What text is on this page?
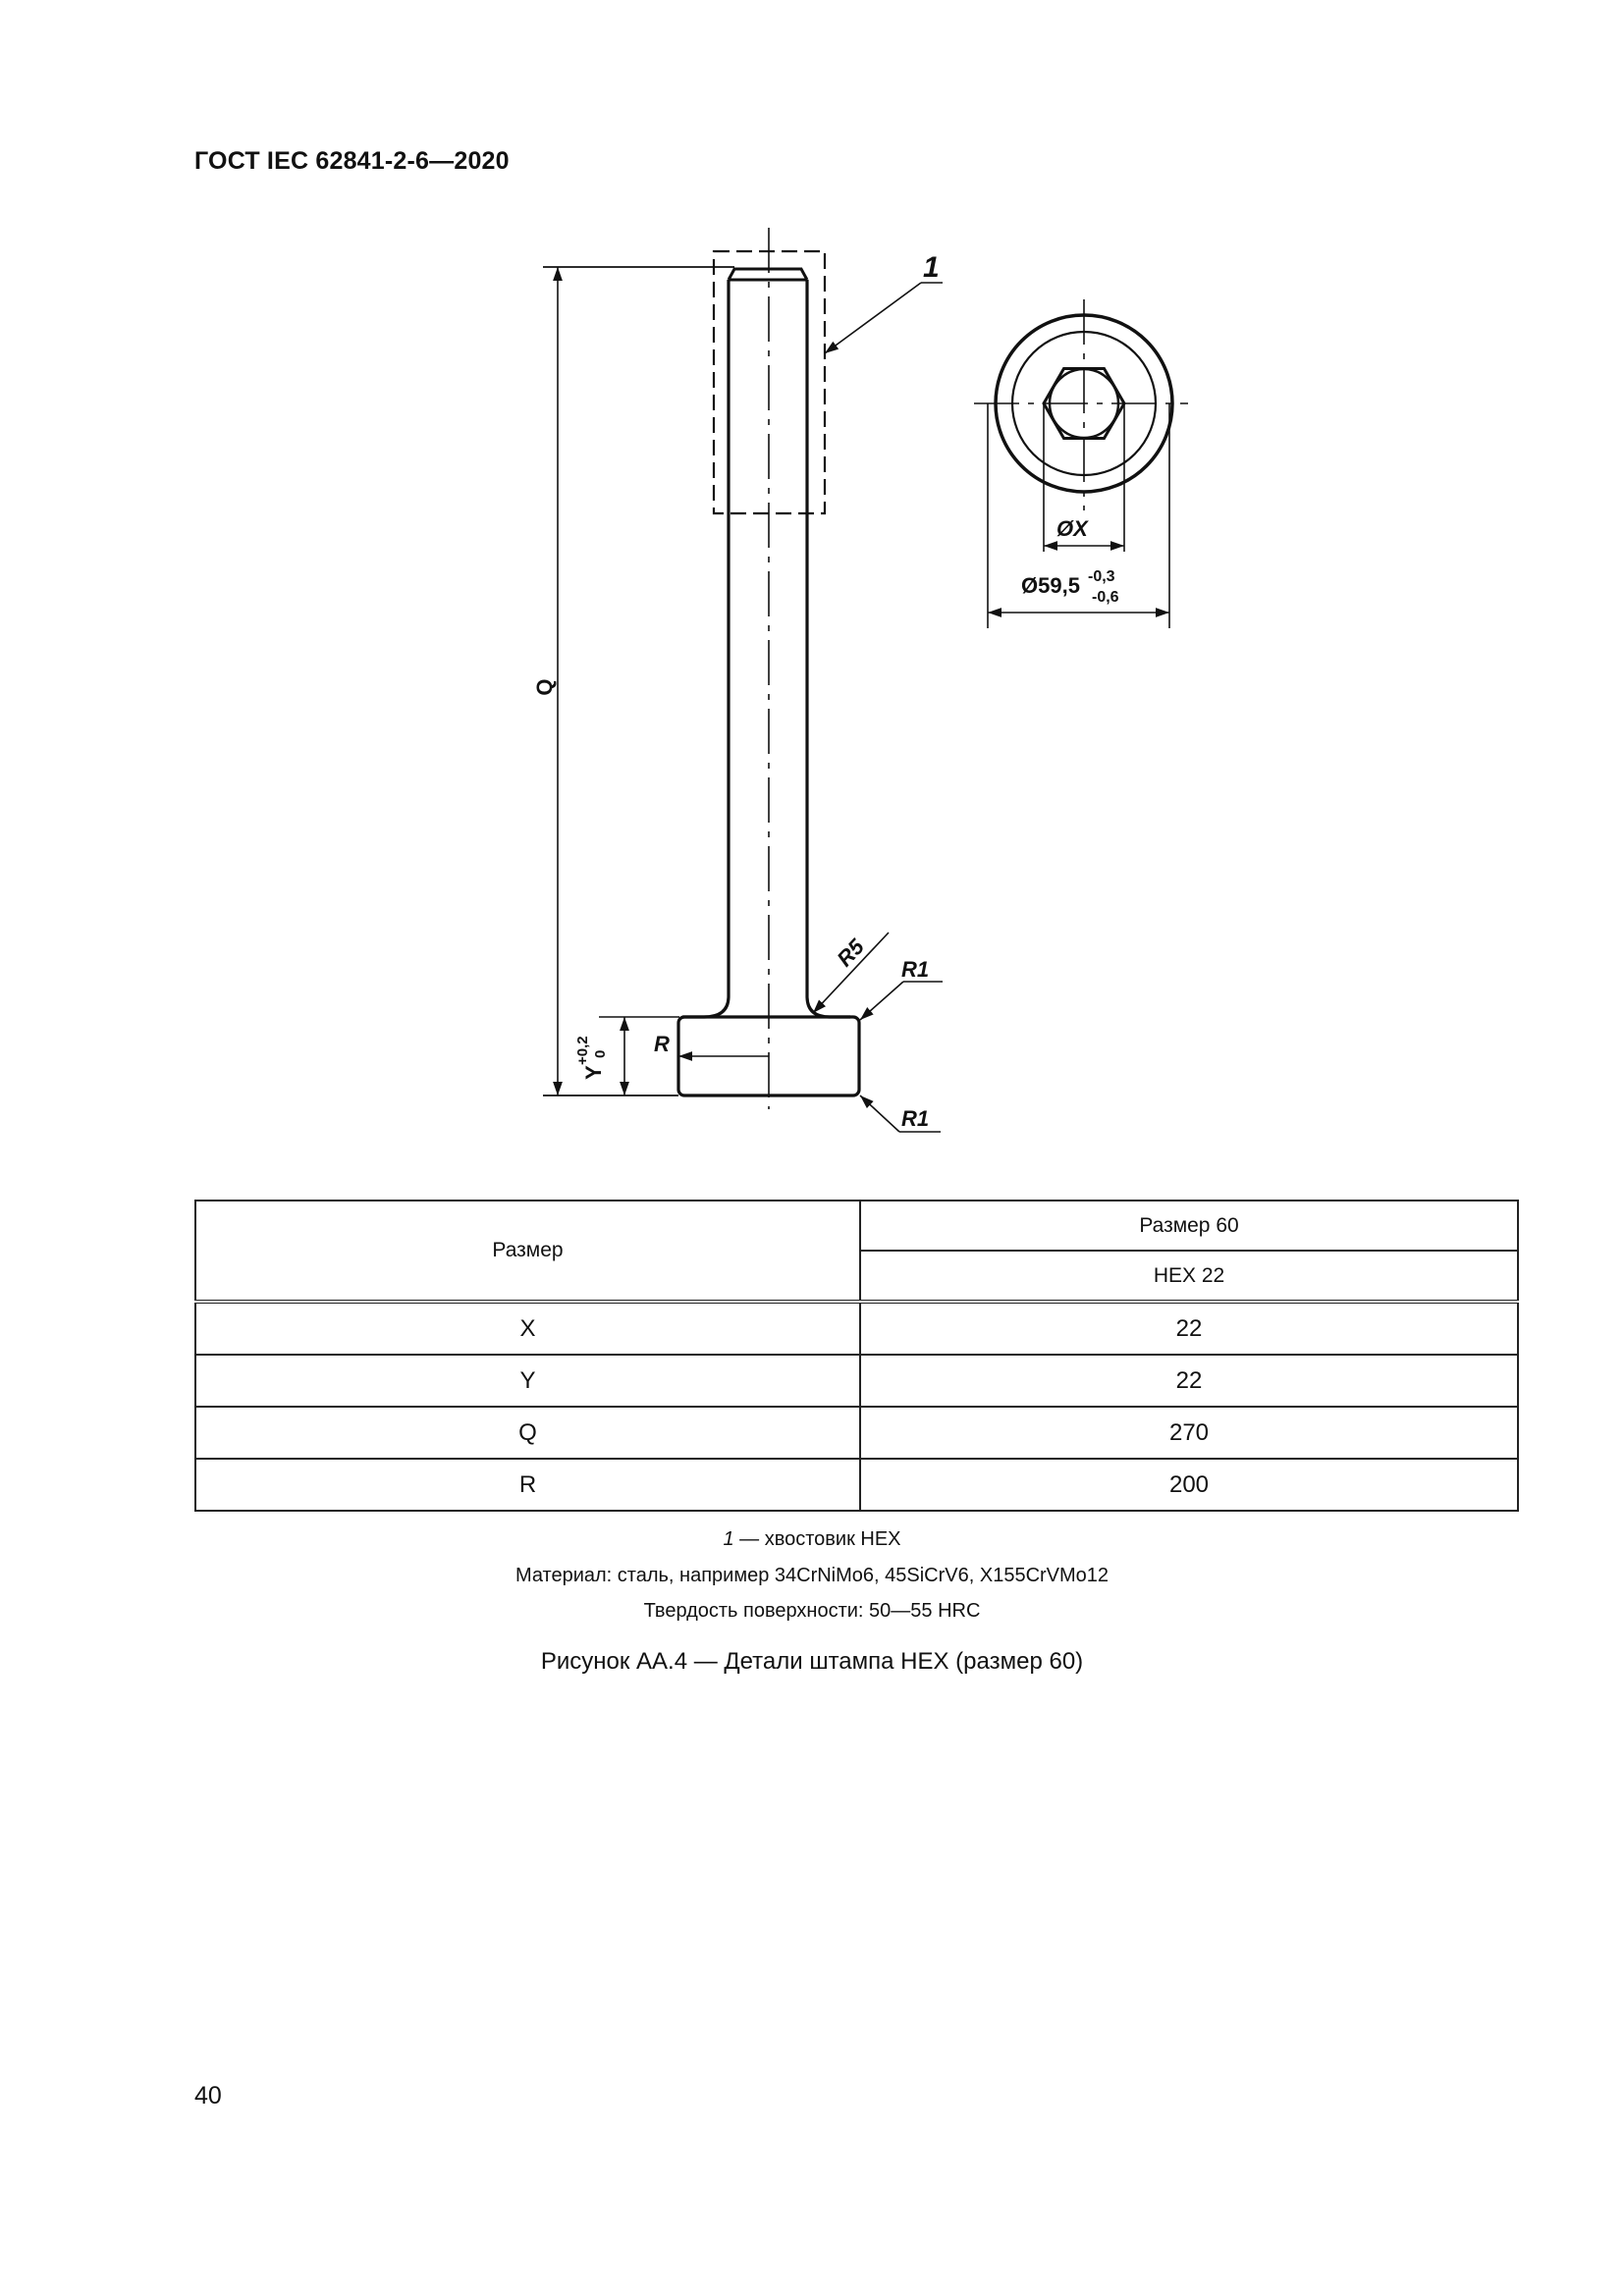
ГОСТ IEC 62841-2-6—2020
Q
Y
+0,2 0 R
R5 R1
R1
1
ØX
Ø59,5 -0,3
-0,6
Размер	Размер 60
	HEX 22
X	22
Y	22
Q	270
R	200
1 — хвостовик HEX
Материал: сталь, например 34CrNiMo6, 45SiCrV6, X155CrVMo12
Твердость поверхности: 50—55 HRC
Рисунок АА.4 — Детали штампа HEX (размер 60)
40
